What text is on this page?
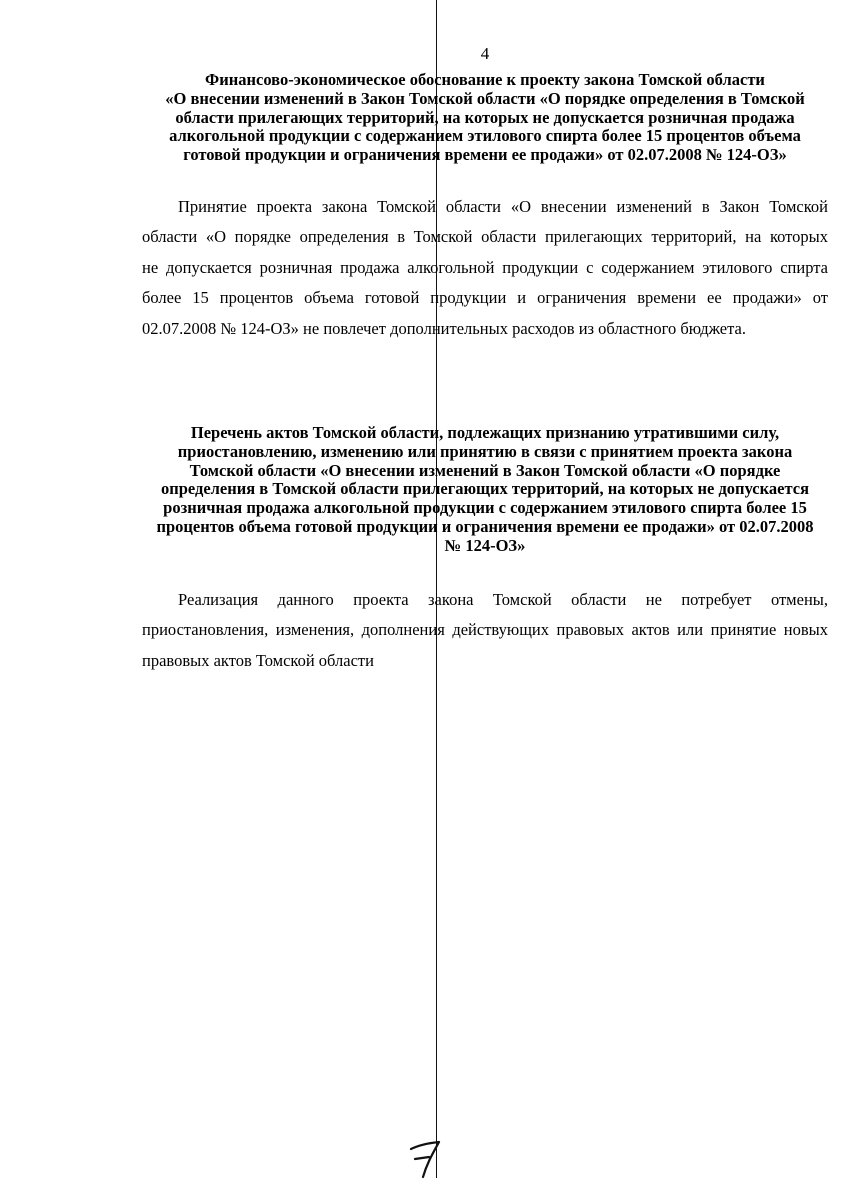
4
Финансово-экономическое обоснование к проекту закона Томской области
«О внесении изменений в Закон Томской области «О порядке определения в Томской
области прилегающих территорий, на которых не допускается розничная продажа
алкогольной продукции с содержанием этилового спирта более 15 процентов объема
готовой продукции и ограничения времени ее продажи» от 02.07.2008 № 124-ОЗ»
Принятие проекта закона Томской области «О внесении изменений в Закон Томской
области «О порядке определения в Томской области прилегающих территорий, на которых
не допускается розничная продажа алкогольной продукции с содержанием этилового спирта
более 15 процентов объема готовой продукции и ограничения времени ее продажи» от
02.07.2008 № 124-ОЗ» не повлечет дополнительных расходов из областного бюджета.
Перечень актов Томской области, подлежащих признанию утратившими силу,
приостановлению, изменению или принятию в связи с принятием проекта закона
Томской области «О внесении изменений в Закон Томской области «О порядке
определения в Томской области прилегающих территорий, на которых не допускается
розничная продажа алкогольной продукции с содержанием этилового спирта более 15
процентов объема готовой продукции и ограничения времени ее продажи» от 02.07.2008
№ 124-ОЗ»
Реализация данного проекта закона Томской области не потребует отмены,
приостановления, изменения, дополнения действующих правовых актов или принятие новых
правовых актов Томской области
